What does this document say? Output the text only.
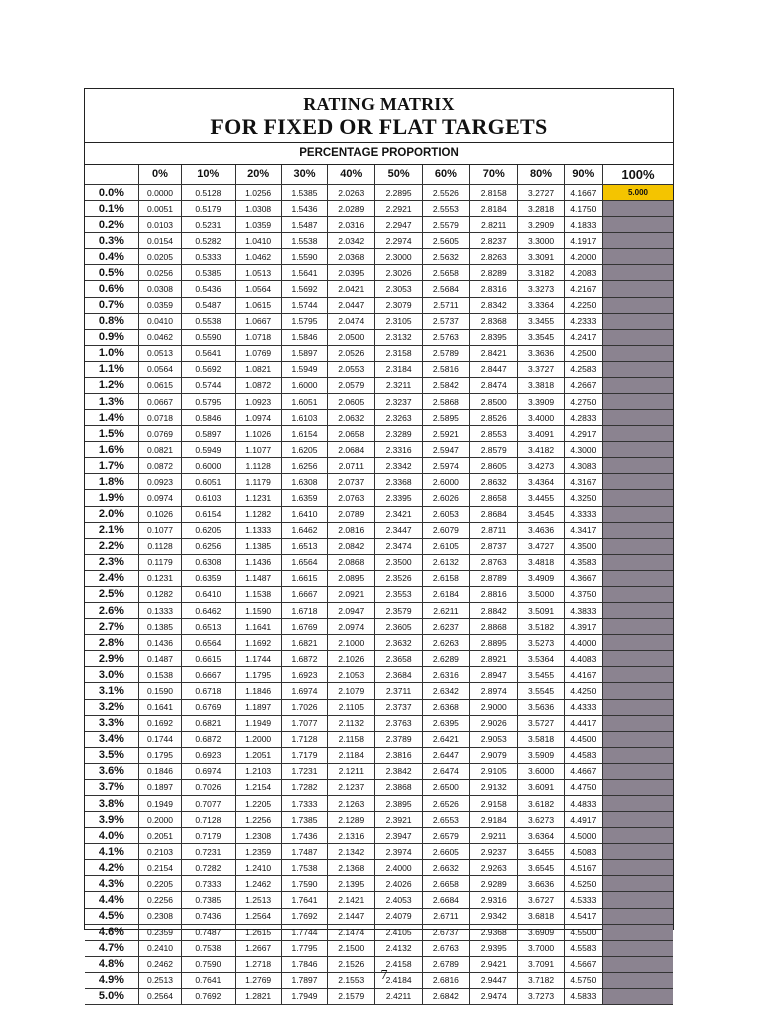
RATING MATRIX
FOR FIXED OR FLAT TARGETS
PERCENTAGE PROPORTION
	0%	10%	20%	30%	40%	50%	60%	70%	80%	90%	100%
0.0%	0.0000	0.5128	1.0256	1.5385	2.0263	2.2895	2.5526	2.8158	3.2727	4.1667	5.000
0.1%	0.0051	0.5179	1.0308	1.5436	2.0289	2.2921	2.5553	2.8184	3.2818	4.1750	
0.2%	0.0103	0.5231	1.0359	1.5487	2.0316	2.2947	2.5579	2.8211	3.2909	4.1833	
0.3%	0.0154	0.5282	1.0410	1.5538	2.0342	2.2974	2.5605	2.8237	3.3000	4.1917	
0.4%	0.0205	0.5333	1.0462	1.5590	2.0368	2.3000	2.5632	2.8263	3.3091	4.2000	
0.5%	0.0256	0.5385	1.0513	1.5641	2.0395	2.3026	2.5658	2.8289	3.3182	4.2083	
0.6%	0.0308	0.5436	1.0564	1.5692	2.0421	2.3053	2.5684	2.8316	3.3273	4.2167	
0.7%	0.0359	0.5487	1.0615	1.5744	2.0447	2.3079	2.5711	2.8342	3.3364	4.2250	
0.8%	0.0410	0.5538	1.0667	1.5795	2.0474	2.3105	2.5737	2.8368	3.3455	4.2333	
0.9%	0.0462	0.5590	1.0718	1.5846	2.0500	2.3132	2.5763	2.8395	3.3545	4.2417	
1.0%	0.0513	0.5641	1.0769	1.5897	2.0526	2.3158	2.5789	2.8421	3.3636	4.2500	
1.1%	0.0564	0.5692	1.0821	1.5949	2.0553	2.3184	2.5816	2.8447	3.3727	4.2583	
1.2%	0.0615	0.5744	1.0872	1.6000	2.0579	2.3211	2.5842	2.8474	3.3818	4.2667	
1.3%	0.0667	0.5795	1.0923	1.6051	2.0605	2.3237	2.5868	2.8500	3.3909	4.2750	
1.4%	0.0718	0.5846	1.0974	1.6103	2.0632	2.3263	2.5895	2.8526	3.4000	4.2833	
1.5%	0.0769	0.5897	1.1026	1.6154	2.0658	2.3289	2.5921	2.8553	3.4091	4.2917	
1.6%	0.0821	0.5949	1.1077	1.6205	2.0684	2.3316	2.5947	2.8579	3.4182	4.3000	
1.7%	0.0872	0.6000	1.1128	1.6256	2.0711	2.3342	2.5974	2.8605	3.4273	4.3083	
1.8%	0.0923	0.6051	1.1179	1.6308	2.0737	2.3368	2.6000	2.8632	3.4364	4.3167	
1.9%	0.0974	0.6103	1.1231	1.6359	2.0763	2.3395	2.6026	2.8658	3.4455	4.3250	
2.0%	0.1026	0.6154	1.1282	1.6410	2.0789	2.3421	2.6053	2.8684	3.4545	4.3333	
2.1%	0.1077	0.6205	1.1333	1.6462	2.0816	2.3447	2.6079	2.8711	3.4636	4.3417	
2.2%	0.1128	0.6256	1.1385	1.6513	2.0842	2.3474	2.6105	2.8737	3.4727	4.3500	
2.3%	0.1179	0.6308	1.1436	1.6564	2.0868	2.3500	2.6132	2.8763	3.4818	4.3583	
2.4%	0.1231	0.6359	1.1487	1.6615	2.0895	2.3526	2.6158	2.8789	3.4909	4.3667	
2.5%	0.1282	0.6410	1.1538	1.6667	2.0921	2.3553	2.6184	2.8816	3.5000	4.3750	
2.6%	0.1333	0.6462	1.1590	1.6718	2.0947	2.3579	2.6211	2.8842	3.5091	4.3833	
2.7%	0.1385	0.6513	1.1641	1.6769	2.0974	2.3605	2.6237	2.8868	3.5182	4.3917	
2.8%	0.1436	0.6564	1.1692	1.6821	2.1000	2.3632	2.6263	2.8895	3.5273	4.4000	
2.9%	0.1487	0.6615	1.1744	1.6872	2.1026	2.3658	2.6289	2.8921	3.5364	4.4083	
3.0%	0.1538	0.6667	1.1795	1.6923	2.1053	2.3684	2.6316	2.8947	3.5455	4.4167	
3.1%	0.1590	0.6718	1.1846	1.6974	2.1079	2.3711	2.6342	2.8974	3.5545	4.4250	
3.2%	0.1641	0.6769	1.1897	1.7026	2.1105	2.3737	2.6368	2.9000	3.5636	4.4333	
3.3%	0.1692	0.6821	1.1949	1.7077	2.1132	2.3763	2.6395	2.9026	3.5727	4.4417	
3.4%	0.1744	0.6872	1.2000	1.7128	2.1158	2.3789	2.6421	2.9053	3.5818	4.4500	
3.5%	0.1795	0.6923	1.2051	1.7179	2.1184	2.3816	2.6447	2.9079	3.5909	4.4583	
3.6%	0.1846	0.6974	1.2103	1.7231	2.1211	2.3842	2.6474	2.9105	3.6000	4.4667	
3.7%	0.1897	0.7026	1.2154	1.7282	2.1237	2.3868	2.6500	2.9132	3.6091	4.4750	
3.8%	0.1949	0.7077	1.2205	1.7333	2.1263	2.3895	2.6526	2.9158	3.6182	4.4833	
3.9%	0.2000	0.7128	1.2256	1.7385	2.1289	2.3921	2.6553	2.9184	3.6273	4.4917	
4.0%	0.2051	0.7179	1.2308	1.7436	2.1316	2.3947	2.6579	2.9211	3.6364	4.5000	
4.1%	0.2103	0.7231	1.2359	1.7487	2.1342	2.3974	2.6605	2.9237	3.6455	4.5083	
4.2%	0.2154	0.7282	1.2410	1.7538	2.1368	2.4000	2.6632	2.9263	3.6545	4.5167	
4.3%	0.2205	0.7333	1.2462	1.7590	2.1395	2.4026	2.6658	2.9289	3.6636	4.5250	
4.4%	0.2256	0.7385	1.2513	1.7641	2.1421	2.4053	2.6684	2.9316	3.6727	4.5333	
4.5%	0.2308	0.7436	1.2564	1.7692	2.1447	2.4079	2.6711	2.9342	3.6818	4.5417	
4.6%	0.2359	0.7487	1.2615	1.7744	2.1474	2.4105	2.6737	2.9368	3.6909	4.5500	
4.7%	0.2410	0.7538	1.2667	1.7795	2.1500	2.4132	2.6763	2.9395	3.7000	4.5583	
4.8%	0.2462	0.7590	1.2718	1.7846	2.1526	2.4158	2.6789	2.9421	3.7091	4.5667	
4.9%	0.2513	0.7641	1.2769	1.7897	2.1553	2.4184	2.6816	2.9447	3.7182	4.5750	
5.0%	0.2564	0.7692	1.2821	1.7949	2.1579	2.4211	2.6842	2.9474	3.7273	4.5833	
7
